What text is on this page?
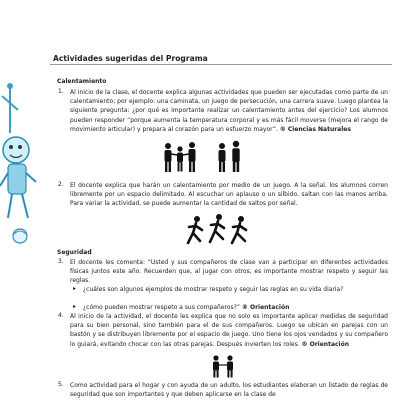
Actividades sugeridas del Programa
Calentamiento
1. Al inicio de la clase, el docente explica algunas actividades que pueden ser ejecutadas como parte de un calentamiento; por ejemplo: una caminata, un juego de persecución, una carrera suave. Luego plantea la siguiente pregunta: ¿por qué es importante realizar un calentamiento antes del ejercicio? Los alumnos pueden responder “porque aumenta la temperatura corporal y es más fácil moverse (mejora el rango de movimiento articular) y prepara al corazón para un esfuerzo mayor”. ® Ciencias Naturales
2. El docente explica que harán un calentamiento por medio de un juego. A la señal, los alumnos corren libremente por un espacio delimitado. Al escuchar un aplauso o un silbido, saltan con las manos arriba. Para variar la actividad, se puede aumentar la cantidad de saltos por señal.
Seguridad
3. El docente les comenta: “Usted y sus compañeros de clase van a participar en diferentes actividades físicas juntos este año. Recuerden que, al jugar con otros, es importante mostrar respeto y seguir las reglas.
▸ ¿cuáles son algunos ejemplos de mostrar respeto y seguir las reglas en su vida diaria?
▸ ¿cómo pueden mostrar respeto a sus compañeros?” ® Orientación
4. Al inicio de la actividad, el docente les explica que no solo es importante aplicar medidas de seguridad para su bien personal, sino también para el de sus compañeros. Luego se ubican en parejas con un bastón y se distribuyen libremente por el espacio de juego. Uno tiene los ojos vendados y su compañero lo guiará, evitando chocar con las otras parejas. Después invierten los roles. ® Orientación
5. Como actividad para el hogar y con ayuda de un adulto, los estudiantes elaboran un listado de reglas de seguridad que son importantes y que deben aplicarse en la clase de
